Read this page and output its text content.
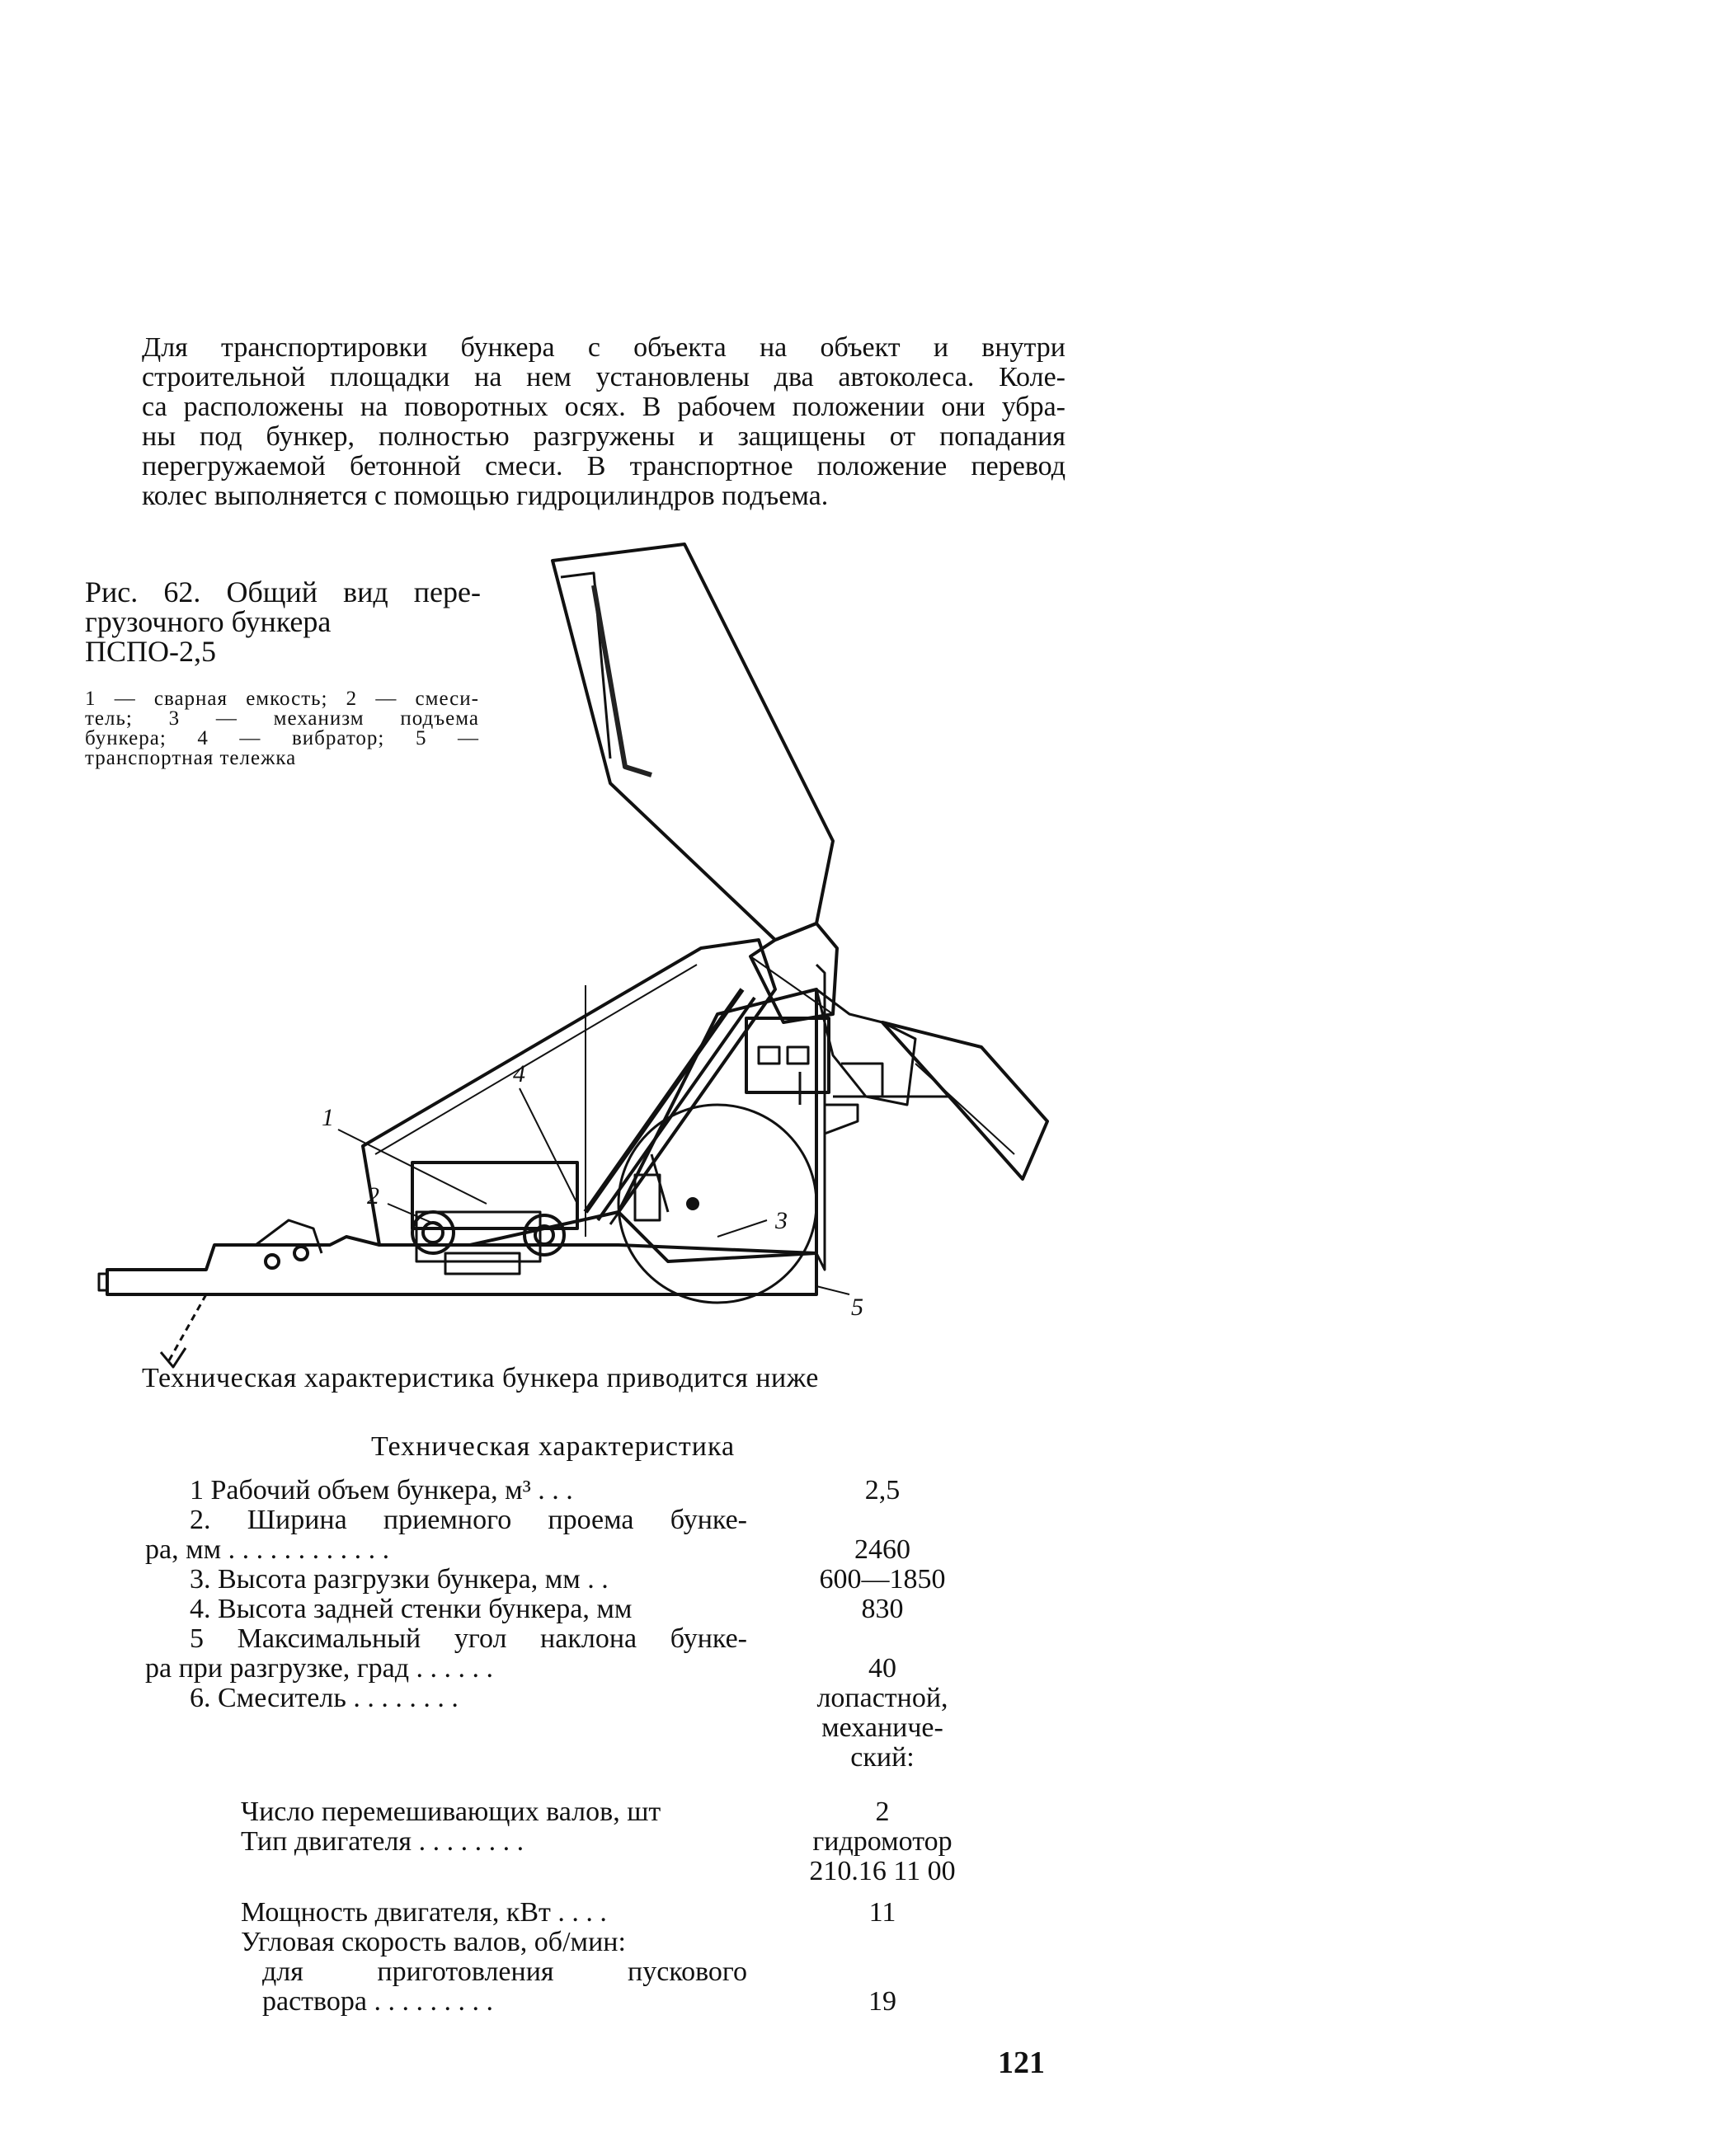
Для транспортировки бункера с объекта на объект и внутри
строительной площадки на нем установлены два автоколеса. Коле-
са расположены на поворотных осях. В рабочем положении они убра-
ны под бункер, полностью разгружены и защищены от попадания
перегружаемой бетонной смеси. В транспортное положение перевод
колес выполняется с помощью гидроцилиндров подъема.
1
2
3
4
5
Рис. 62. Общий вид пере-
грузочного бункера
ПСПО-2,5
1 — сварная емкость; 2 — смеси-
тель; 3 — механизм подъема
бункера; 4 — вибратор; 5 —
транспортная тележка
Техническая характеристика бункера приводится ниже
Техническая характеристика
1 Рабочий объем бункера, м³ . . .	2,5
2. Ширина приемного проема бунке-
ра, мм . . . . . . . . . . . .	2460
3. Высота разгрузки бункера, мм . .	600—1850
4. Высота задней стенки бункера, мм	830
5 Максимальный угол наклона бунке-
ра при разгрузке, град . . . . . .	40
6. Смеситель . . . . . . . .	лопастной,
механиче-
ский:
Число перемешивающих валов, шт	2
Тип двигателя . . . . . . . .	гидромотор
210.16 11 00
Мощность двигателя, кВт . . . .	11
Угловая скорость валов, об/мин:
для приготовления пускового
раствора . . . . . . . . .	19
121
